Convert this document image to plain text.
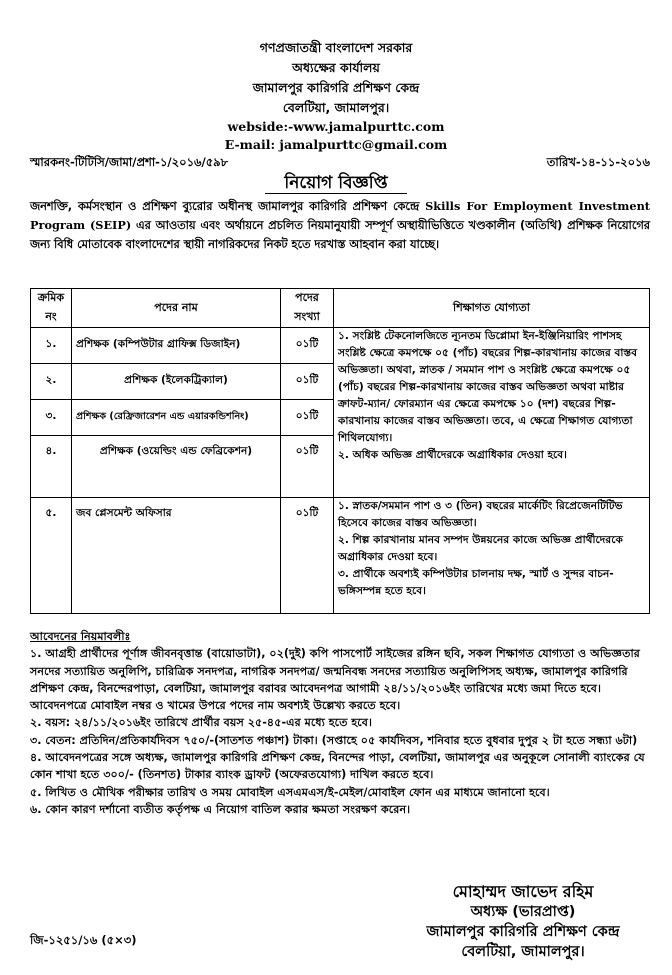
গণপ্রজাতন্ত্রী বাংলাদেশ সরকার
অধ্যক্ষের কার্যালয়
জামালপুর কারিগরি প্রশিক্ষণ কেন্দ্র
বেলটিয়া, জামালপুর।
webside:-www.jamalpurttc.com
E-mail: jamalpurttc@gmail.com
স্মারকনং-টিটিসি/জামা/প্রশা-১/২০১৬/৫৯৮	তারিখ-১৪-১১-২০১৬
নিয়োগ বিজ্ঞপ্তি
জনশক্তি, কর্মসংস্থান ও প্রশিক্ষণ ব্যুরোর অধীনস্থ জামালপুর কারিগরি প্রশিক্ষণ কেন্দ্রে Skills For Employment Investment Program (SEIP) এর আওতায় এবং অর্থায়নে প্রচলিত নিয়মানুযায়ী সম্পূর্ণ অস্থায়ীভিত্তিতে খণ্ডকালীন (অতিথি) প্রশিক্ষক নিয়োগের জন্য বিধি মোতাবেক বাংলাদেশের স্থায়ী নাগরিকদের নিকট হতে দরখাস্ত আহবান করা যাচ্ছে।
ক্রমিক নং	পদের নাম	পদের সংখ্যা	শিক্ষাগত যোগ্যতা
১.	প্রশিক্ষক (কম্পিউটার গ্রাফিক্স ডিজাইন)	০১টি	১. সংশ্লিষ্ট টেকনোলজিতে ন্যূনতম ডিপ্লোমা ইন-ইঞ্জিনিয়ারিং পাশসহ সংশ্লিষ্ট ক্ষেত্রে কমপক্ষে ০৫ (পাঁচ) বছরের শিল্প-কারখানায় কাজের বাস্তব অভিজ্ঞতা। অথবা, স্নাতক / সমমান পাশ ও সংশ্লিষ্ট ক্ষেত্রে কমপক্ষে ০৫ (পাঁচ) বছরের শিল্প-কারখানায় কাজের বাস্তব অভিজ্ঞতা অথবা মাষ্টার ক্রাফট-ম্যান/ ফোরম্যান এর ক্ষেত্রে কমপক্ষে ১০ (দশ) বছরের শিল্প-কারখানায় কাজের বাস্তব অভিজ্ঞতা। তবে, এ ক্ষেত্রে শিক্ষাগত যোগ্যতা শিথিলযোগ্য।
২. অধিক অভিজ্ঞ প্রার্থীদেরকে অগ্রাধিকার দেওয়া হবে।

২.	প্রশিক্ষক (ইলেকট্রিক্যাল)	০১টি	
৩.	প্রশিক্ষক (রেফ্রিজারেশন এন্ড এয়ারকন্ডিশনিং)	০১টি	
৪.	প্রশিক্ষক (ওয়েল্ডিং এন্ড ফেব্রিকেশন)	০১টি	
৫.	জব প্লেসমেন্ট অফিসার	০১টি	১. স্নাতক/সমমান পাশ ও ৩ (তিন) বছরের মার্কেটিং রিপ্রেজেনটিটিভ হিসেবে কাজের বাস্তব অভিজ্ঞতা।
২. শিল্প কারখানায় মানব সম্পদ উন্নয়নের কাজে অভিজ্ঞ প্রার্থীদেরকে অগ্রাধিকার দেওয়া হবে।
৩. প্রার্থীকে অবশ্যই কম্পিউটার চালনায় দক্ষ, স্মার্ট ও সুন্দর বাচন-ভঙ্গিসম্পন্ন হতে হবে।
আবেদনের নিয়মাবলীঃ
১. আগ্রহী প্রার্থীদের পূর্ণাঙ্গ জীবনবৃত্তান্ত (বায়োডাটা), ০২(দুই) কপি পাসপোর্ট সাইজের রঙ্গিন ছবি, সকল শিক্ষাগত যোগ্যতা ও অভিজ্ঞতার সনদের সত্যায়িত অনুলিপি, চারিত্রিক সনদপত্র, নাগরিক সনদপত্র/ জন্মনিবন্ধ সনদের সত্যায়িত অনুলিপিসহ অধ্যক্ষ, জামালপুর কারিগরি প্রশিক্ষণ কেন্দ্র, বিনন্দেরপাড়া, বেলটিয়া, জামালপুর বরাবর আবেদনপত্র আগামী ২৪/১১/২০১৬ইং তারিখের মধ্যে জমা দিতে হবে। আবেদনপত্রে মোবাইল নম্বর ও খামের উপরে পদের নাম অবশ্যই উল্লেখ্য করতে হবে।
২. বয়স: ২৪/১১/২০১৬ইং তারিখে প্রার্থীর বয়স ২৫-৪৫-এর মধ্যে হতে হবে।
৩. বেতন: প্রতিদিন/প্রতিকার্যদিবস ৭৫০/-(সাতশত পঞ্চাশ) টাকা। (সপ্তাহে ০৫ কার্যদিবস, শনিবার হতে বুধবার দুপুর ২ টা হতে সন্ধ্যা ৬টা)
৪. আবেদনপত্রের সঙ্গে অধ্যক্ষ, জামালপুর কারিগরি প্রশিক্ষণ কেন্দ্র, বিনন্দের পাড়া, বেলটিয়া, জামালপুর এর অনুকূলে সোনালী ব্যাংকের যে কোন শাখা হতে ৩০০/- (তিনশত) টাকার ব্যাংক ড্রাফট (অফেরতযোগ্য) দাখিল করতে হবে।
৫. লিখিত ও মৌখিক পরীক্ষার তারিখ ও সময় মোবাইল এসএমএস/ই-মেইল/মোবাইল ফোন এর মাধ্যমে জানানো হবে।
৬. কোন কারণ দর্শানো ব্যতীত কর্তৃপক্ষ এ নিয়োগ বাতিল করার ক্ষমতা সংরক্ষণ করেন।
মোহাম্মদ জাভেদ রহিম
অধ্যক্ষ (ভারপ্রাপ্ত)
জামালপুর কারিগরি প্রশিক্ষণ কেন্দ্র
বেলটিয়া, জামালপুর।
জি-১২৫১/১৬ (৫×৩)
